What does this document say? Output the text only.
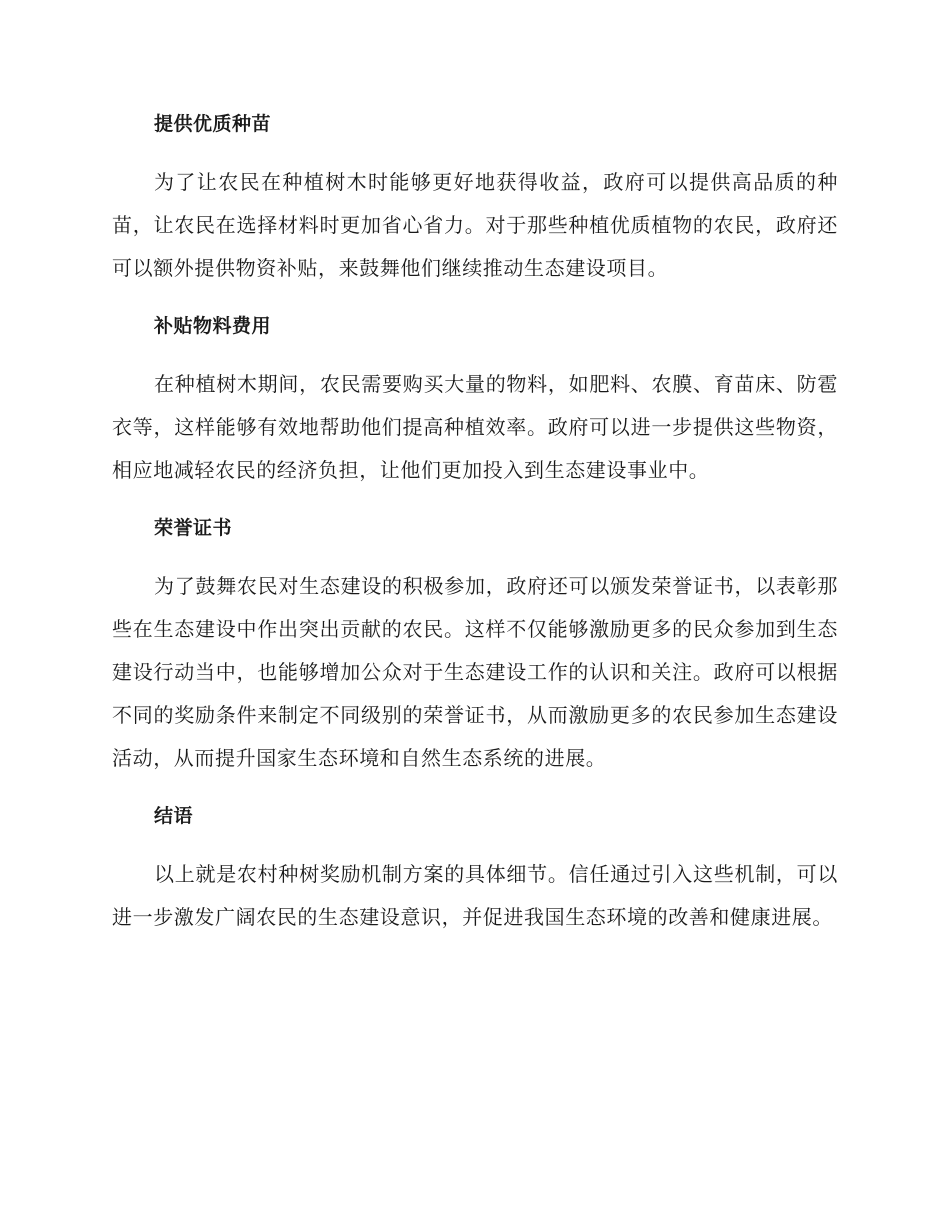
提供优质种苗

为了让农民在种植树木时能够更好地获得收益，政府可以提供高品质的种苗，让农民在选择材料时更加省心省力。对于那些种植优质植物的农民，政府还可以额外提供物资补贴，来鼓舞他们继续推动生态建设项目。

补贴物料费用

在种植树木期间，农民需要购买大量的物料，如肥料、农膜、育苗床、防雹衣等，这样能够有效地帮助他们提高种植效率。政府可以进一步提供这些物资，相应地减轻农民的经济负担，让他们更加投入到生态建设事业中。

荣誉证书

为了鼓舞农民对生态建设的积极参加，政府还可以颁发荣誉证书，以表彰那些在生态建设中作出突出贡献的农民。这样不仅能够激励更多的民众参加到生态建设行动当中，也能够增加公众对于生态建设工作的认识和关注。政府可以根据不同的奖励条件来制定不同级别的荣誉证书，从而激励更多的农民参加生态建设活动，从而提升国家生态环境和自然生态系统的进展。

结语

以上就是农村种树奖励机制方案的具体细节。信任通过引入这些机制，可以进一步激发广阔农民的生态建设意识，并促进我国生态环境的改善和健康进展。
